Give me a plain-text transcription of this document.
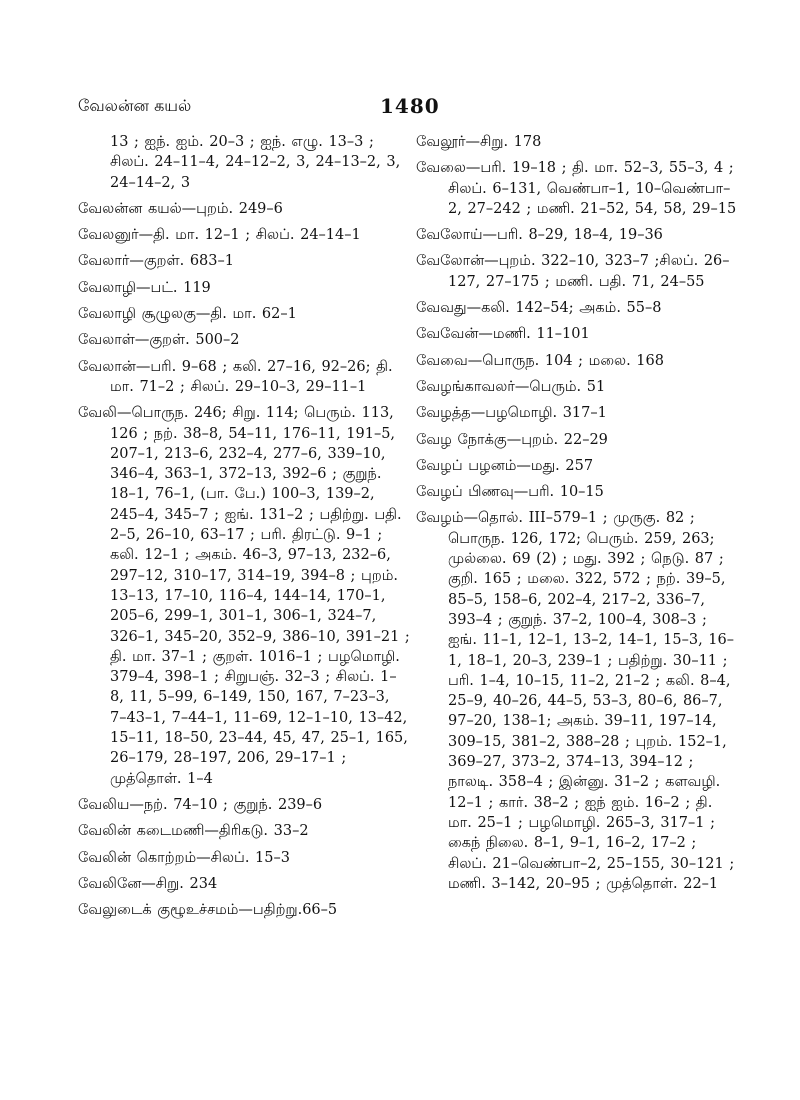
வேலன்ன கயல்	1480
13 ; ஐந். ஐம். 20–3 ; ஐந். எழு. 13–3 ; சிலப். 24–11–4, 24–12–2, 3, 24–13–2, 3, 24–14–2, 3
வேலன்ன கயல்—புறம். 249–6
வேலனுர்—தி. மா. 12–1 ; சிலப். 24–14–1
வேலார்—குறள். 683–1
வேலாழி—பட். 119
வேலாழி சூழுலகு—தி. மா. 62–1
வேலாள்—குறள். 500–2
வேலான்—பரி. 9–68 ; கலி. 27–16, 92–26; தி. மா. 71–2 ; சிலப். 29–10–3, 29–11–1
வேலி—பொருந. 246; சிறு. 114; பெரும். 113, 126 ; நற். 38–8, 54–11, 176–11, 191–5, 207–1, 213–6, 232–4, 277–6, 339–10, 346–4, 363–1, 372–13, 392–6 ; குறுந். 18–1, 76–1, (பா. பே.) 100–3, 139–2, 245–4, 345–7 ; ஐங். 131–2 ; பதிற்று. பதி. 2–5, 26–10, 63–17 ; பரி. திரட்டு. 9–1 ; கலி. 12–1 ; அகம். 46–3, 97–13, 232–6, 297–12, 310–17, 314–19, 394–8 ; புறம். 13–13, 17–10, 116–4, 144–14, 170–1, 205–6, 299–1, 301–1, 306–1, 324–7, 326–1, 345–20, 352–9, 386–10, 391–21 ; தி. மா. 37–1 ; குறள். 1016–1 ; பழமொழி. 379–4, 398–1 ; சிறுபஞ். 32–3 ; சிலப். 1–8, 11, 5–99, 6–149, 150, 167, 7–23–3, 7–43–1, 7–44–1, 11–69, 12–1–10, 13–42, 15–11, 18–50, 23–44, 45, 47, 25–1, 165, 26–179, 28–197, 206, 29–17–1 ; முத்தொள். 1–4
வேலிய—நற். 74–10 ; குறுந். 239–6
வேலின் கடைமணி—திரிகடு. 33–2
வேலின் கொற்றம்—சிலப். 15–3
வேலினே—சிறு. 234
வேலுடைக் குழூஉச்சமம்—பதிற்று.66–5
வேலூர்—சிறு. 178
வேலை—பரி. 19–18 ; தி. மா. 52–3, 55–3, 4 ; சிலப். 6–131, வெண்பா–1, 10–வெண்பா–2, 27–242 ; மணி. 21–52, 54, 58, 29–15
வேலோய்—பரி. 8–29, 18–4, 19–36
வேலோன்—புறம். 322–10, 323–7 ;சிலப். 26–127, 27–175 ; மணி. பதி. 71, 24–55
வேவது—கலி. 142–54; அகம். 55–8
வேவேன்—மணி. 11–101
வேவை—பொருந. 104 ; மலை. 168
வேழங்காவலர்—பெரும். 51
வேழத்த—பழமொழி. 317–1
வேழ நோக்கு—புறம். 22–29
வேழப் பழனம்—மது. 257
வேழப் பிணவு—பரி. 10–15
வேழம்—தொல். III–579–1 ; முருகு. 82 ; பொருந. 126, 172; பெரும். 259, 263; முல்லை. 69 (2) ; மது. 392 ; நெடு. 87 ; குறி. 165 ; மலை. 322, 572 ; நற். 39–5, 85–5, 158–6, 202–4, 217–2, 336–7, 393–4 ; குறுந். 37–2, 100–4, 308–3 ; ஐங். 11–1, 12–1, 13–2, 14–1, 15–3, 16–1, 18–1, 20–3, 239–1 ; பதிற்று. 30–11 ; பரி. 1–4, 10–15, 11–2, 21–2 ; கலி. 8–4, 25–9, 40–26, 44–5, 53–3, 80–6, 86–7, 97–20, 138–1; அகம். 39–11, 197–14, 309–15, 381–2, 388–28 ; புறம். 152–1, 369–27, 373–2, 374–13, 394–12 ; நாலடி. 358–4 ; இன்னு. 31–2 ; களவழி. 12–1 ; கார். 38–2 ; ஐந் ஐம். 16–2 ; தி. மா. 25–1 ; பழமொழி. 265–3, 317–1 ; கைந் நிலை. 8–1, 9–1, 16–2, 17–2 ; சிலப். 21–வெண்பா–2, 25–155, 30–121 ; மணி. 3–142, 20–95 ; முத்தொள். 22–1
